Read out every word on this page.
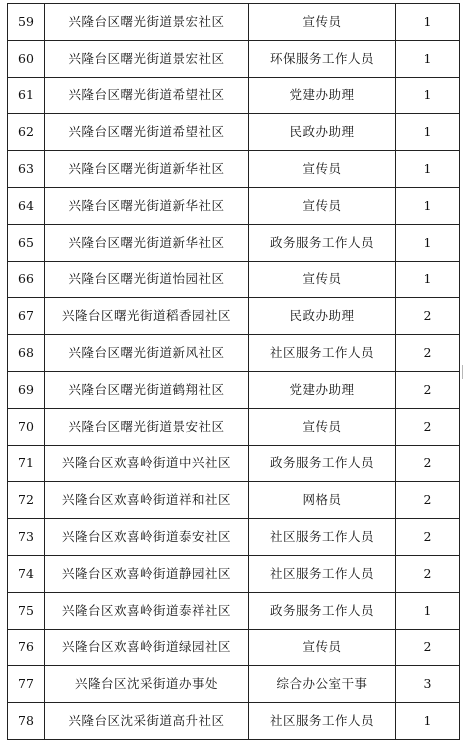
59	兴隆台区曙光街道景宏社区	宣传员	1
60	兴隆台区曙光街道景宏社区	环保服务工作人员	1
61	兴隆台区曙光街道希望社区	党建办助理	1
62	兴隆台区曙光街道希望社区	民政办助理	1
63	兴隆台区曙光街道新华社区	宣传员	1
64	兴隆台区曙光街道新华社区	宣传员	1
65	兴隆台区曙光街道新华社区	政务服务工作人员	1
66	兴隆台区曙光街道怡园社区	宣传员	1
67	兴隆台区曙光街道稻香园社区	民政办助理	2
68	兴隆台区曙光街道新风社区	社区服务工作人员	2
69	兴隆台区曙光街道鹤翔社区	党建办助理	2
70	兴隆台区曙光街道景安社区	宣传员	2
71	兴隆台区欢喜岭街道中兴社区	政务服务工作人员	2
72	兴隆台区欢喜岭街道祥和社区	网格员	2
73	兴隆台区欢喜岭街道泰安社区	社区服务工作人员	2
74	兴隆台区欢喜岭街道静园社区	社区服务工作人员	2
75	兴隆台区欢喜岭街道泰祥社区	政务服务工作人员	1
76	兴隆台区欢喜岭街道绿园社区	宣传员	2
77	兴隆台区沈采街道办事处	综合办公室干事	3
78	兴隆台区沈采街道高升社区	社区服务工作人员	1
